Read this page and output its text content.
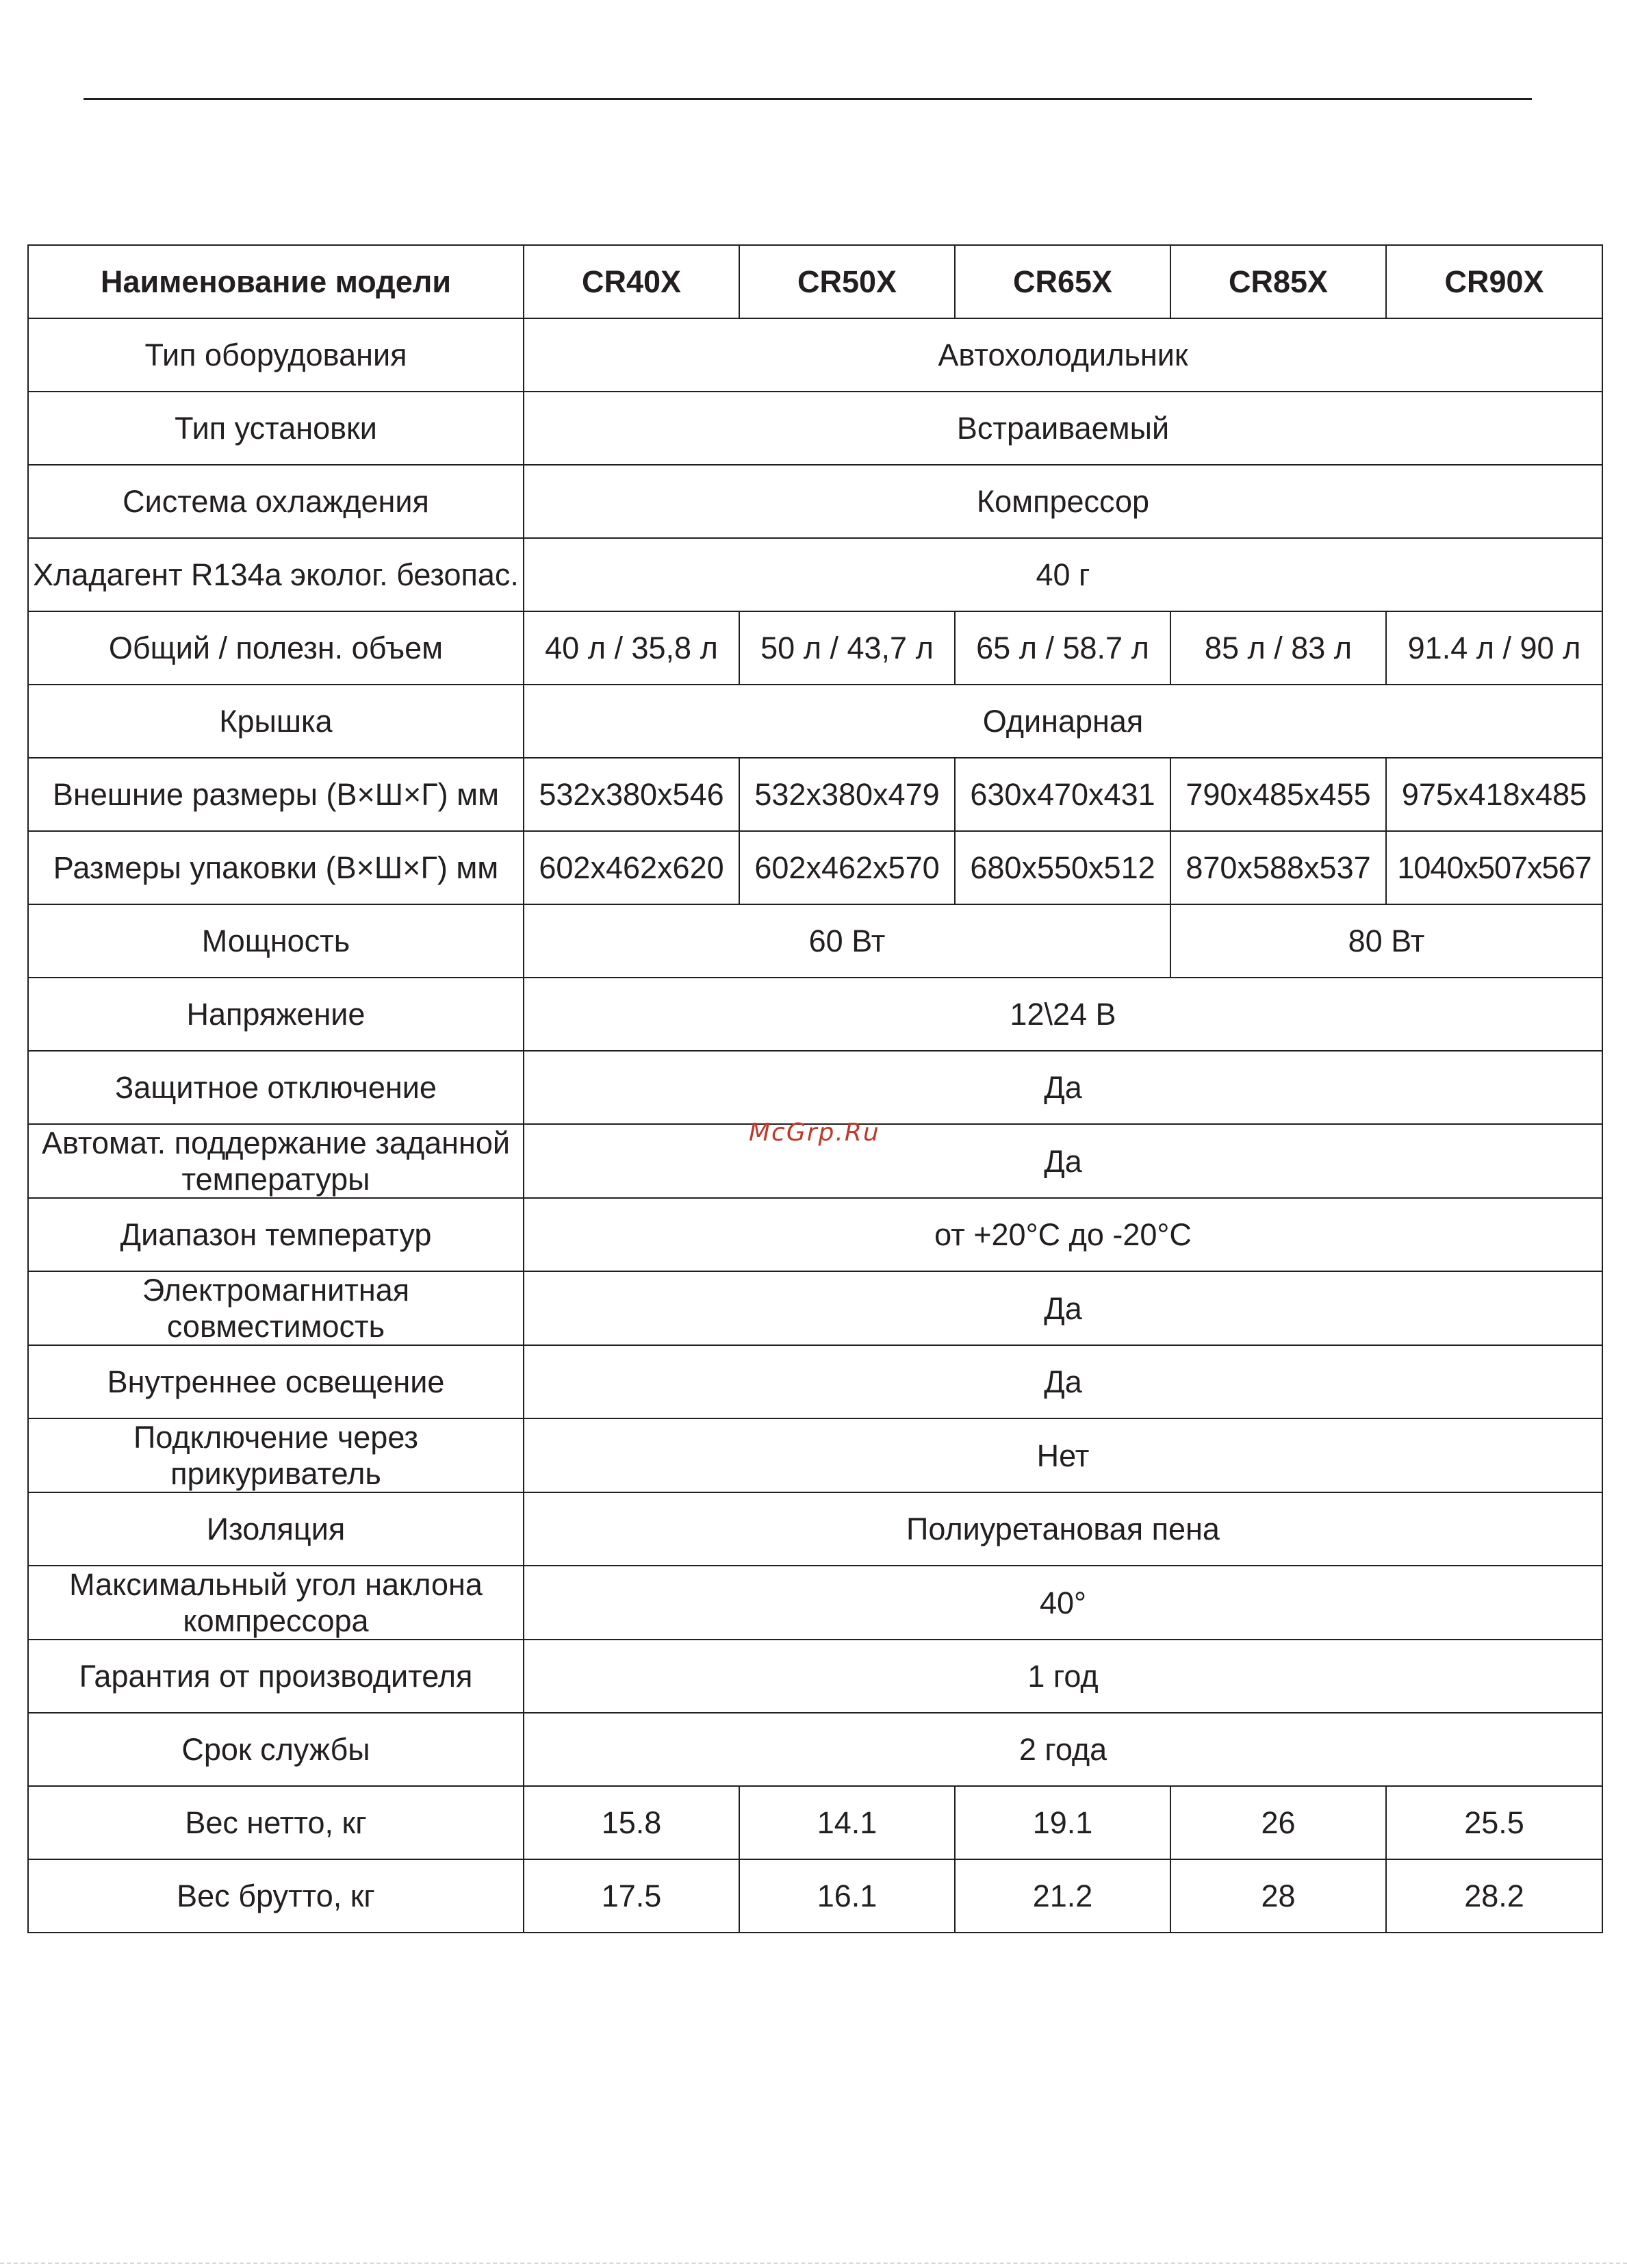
Наименование модели	CR40X	CR50X	CR65X	CR85X	CR90X
Тип оборудования	Автохолодильник				
Тип установки	Встраиваемый				
Система охлаждения	Компрессор				
Хладагент R134a эколог. безопас.	40 г				
Общий / полезн. объем	40 л / 35,8 л	50 л / 43,7 л	65 л / 58.7 л	85 л / 83 л	91.4 л / 90 л
Крышка	Одинарная				
Внешние размеры (В×Ш×Г) мм	532x380x546	532x380x479	630x470x431	790x485x455	975x418x485
Размеры упаковки (В×Ш×Г) мм	602x462x620	602x462x570	680x550x512	870x588x537	1040x507x567
Мощность	60 Вт			80 Вт	
Напряжение	12\24 В				
Защитное отключение	Да				
Автомат. поддержание заданной температуры	Да				
Диапазон температур	от +20°С до -20°С				
Электромагнитная совместимость	Да				
Внутреннее освещение	Да				
Подключение через прикуриватель	Нет				
Изоляция	Полиуретановая пена				
Максимальный угол наклона компрессора	40°				
Гарантия от производителя	1 год				
Срок службы	2 года				
Вес нетто, кг	15.8	14.1	19.1	26	25.5
Вес брутто, кг	17.5	16.1	21.2	28	28.2
McGrp.Ru
